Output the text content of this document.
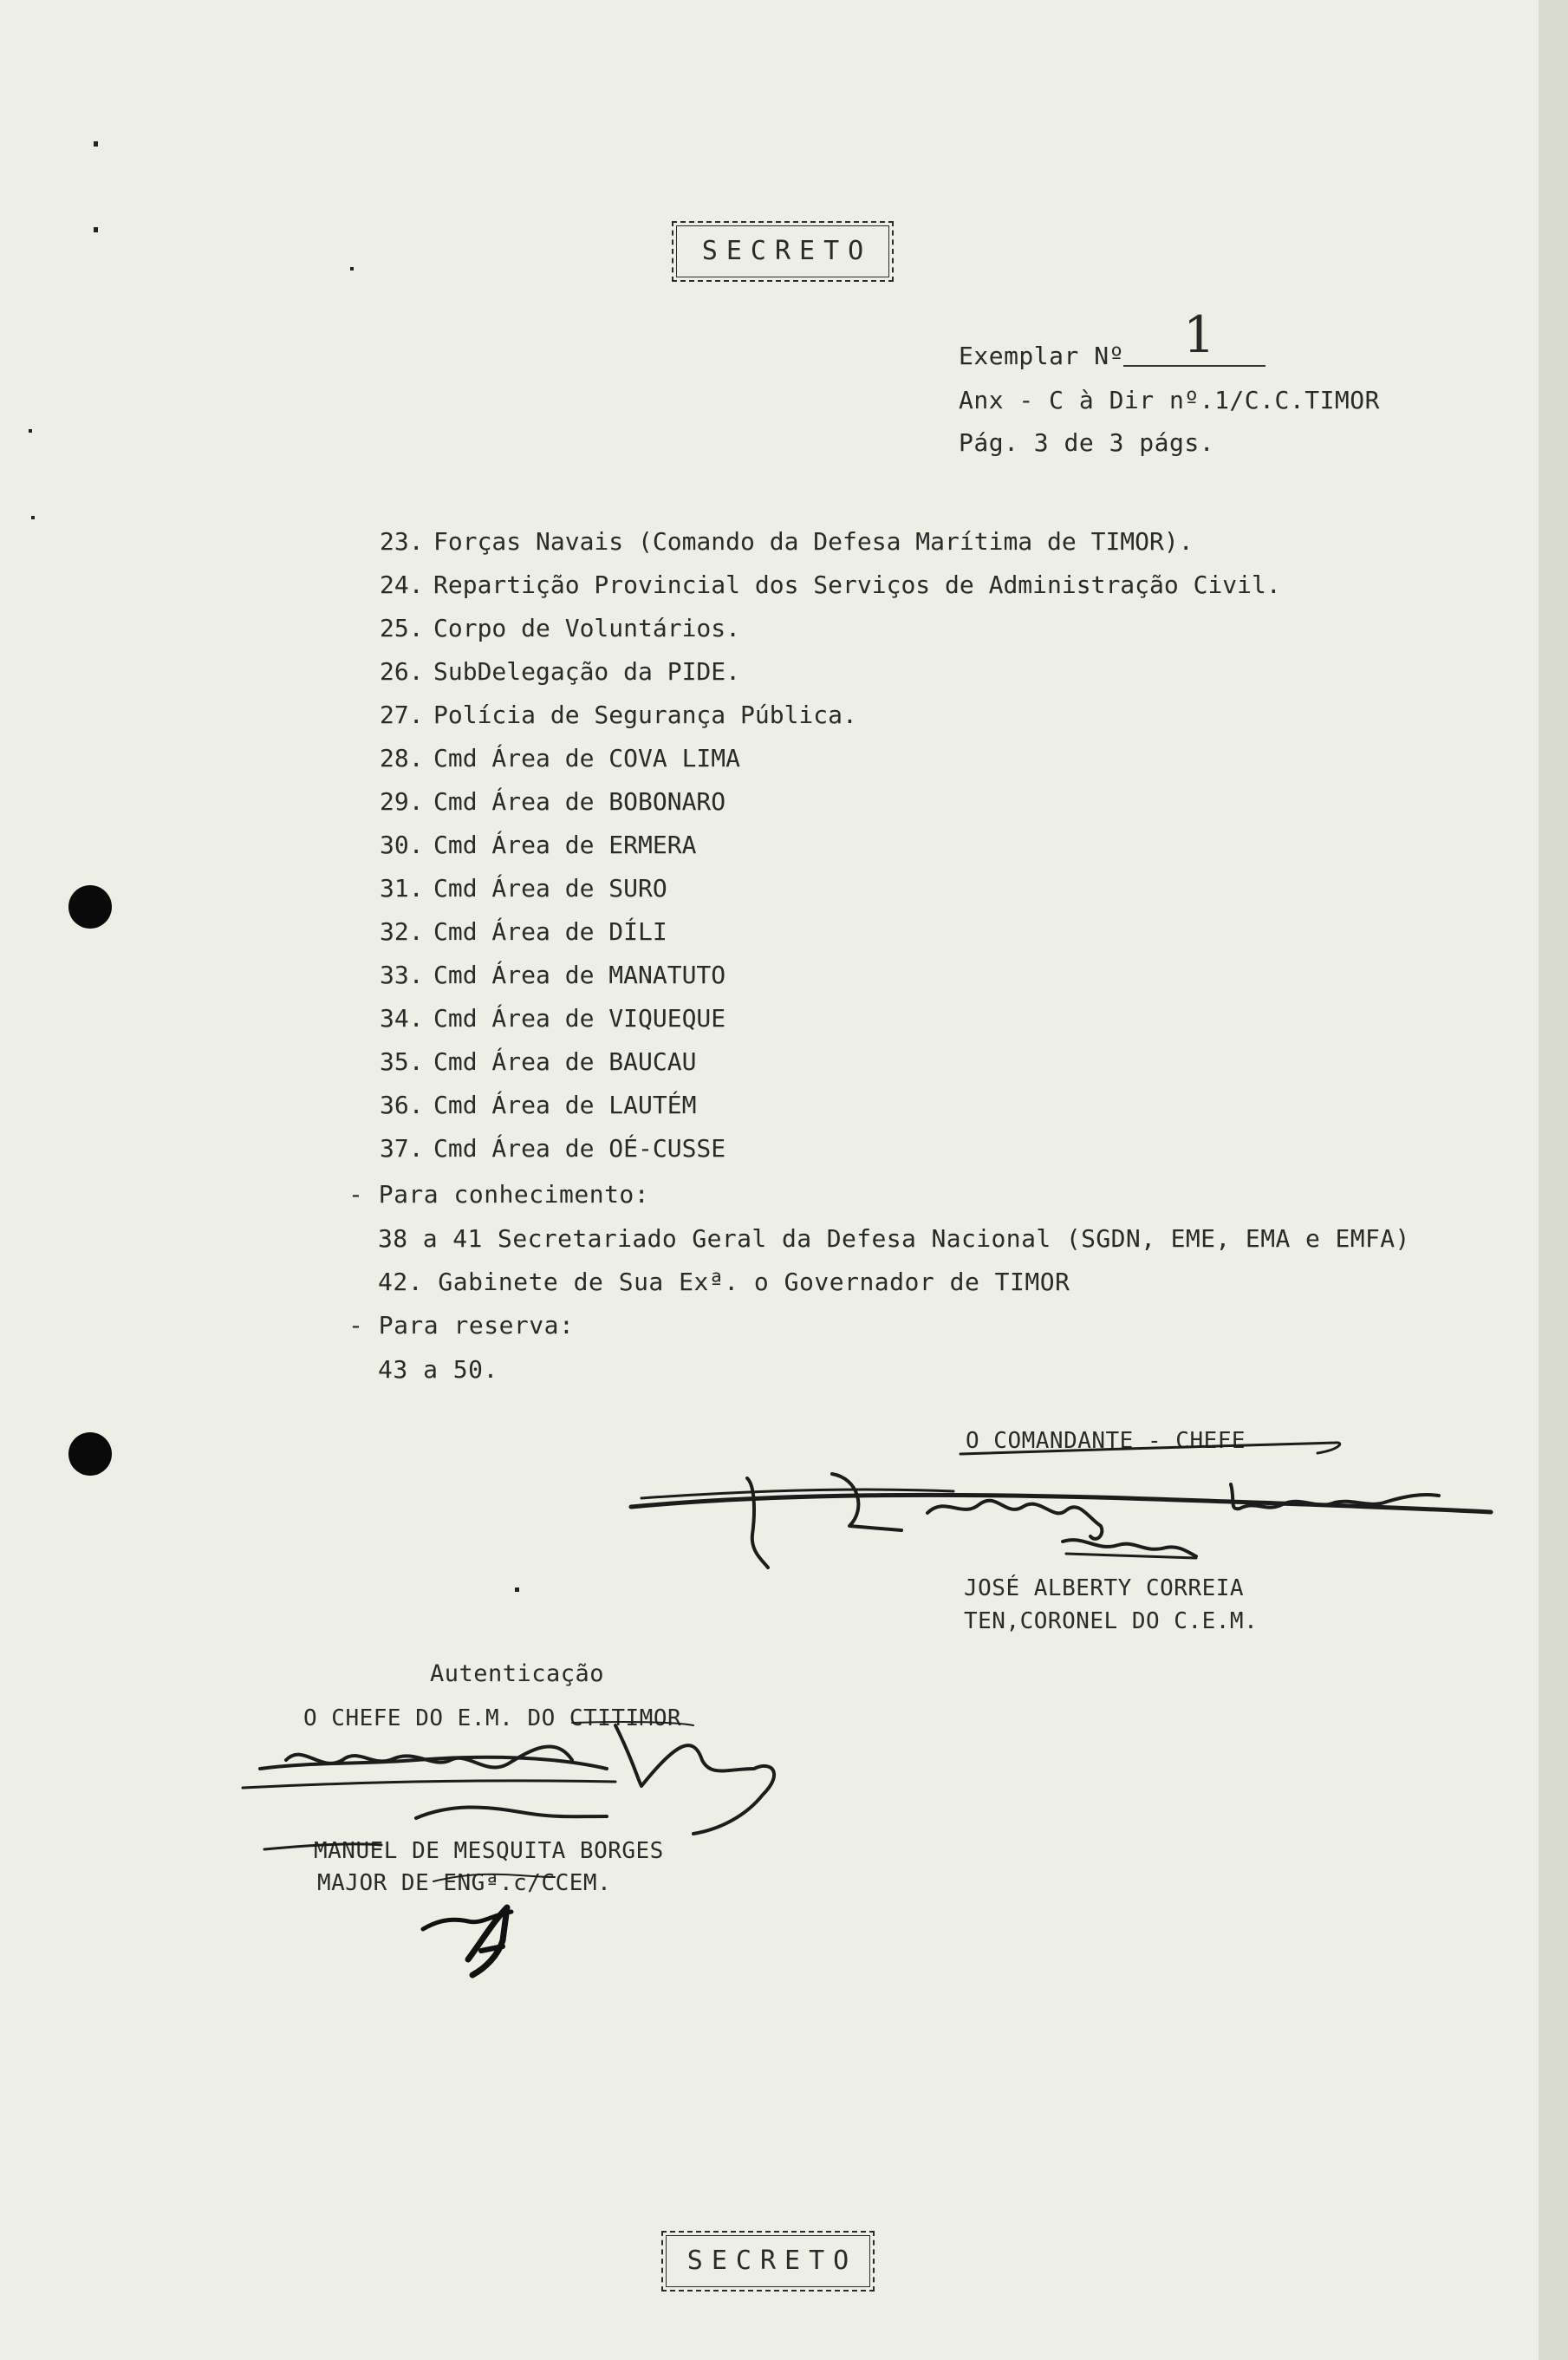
SECRETO
Exemplar Nº 1
Anx - C à Dir nº.1/C.C.TIMOR
Pág. 3 de 3 págs.
23. Forças Navais (Comando da Defesa Marítima de TIMOR).
24. Repartição Provincial dos Serviços de Administração Civil.
25. Corpo de Voluntários.
26. SubDelegação da PIDE.
27. Polícia de Segurança Pública.
28. Cmd Área de COVA LIMA
29. Cmd Área de BOBONARO
30. Cmd Área de ERMERA
31. Cmd Área de SURO
32. Cmd Área de DÍLI
33. Cmd Área de MANATUTO
34. Cmd Área de VIQUEQUE
35. Cmd Área de BAUCAU
36. Cmd Área de LAUTÉM
37. Cmd Área de OÉ-CUSSE
- Para conhecimento:
38 a 41 Secretariado Geral da Defesa Nacional (SGDN, EME, EMA e EMFA)
42. Gabinete de Sua Exª. o Governador de TIMOR
- Para reserva:
43 a 50.
O COMANDANTE - CHEFE
JOSÉ ALBERTY CORREIA
TEN,CORONEL DO C.E.M.
Autenticação
O CHEFE DO E.M. DO CTITIMOR
MANUEL DE MESQUITA BORGES
MAJOR DE ENGª.c/CCEM.
SECRETO
